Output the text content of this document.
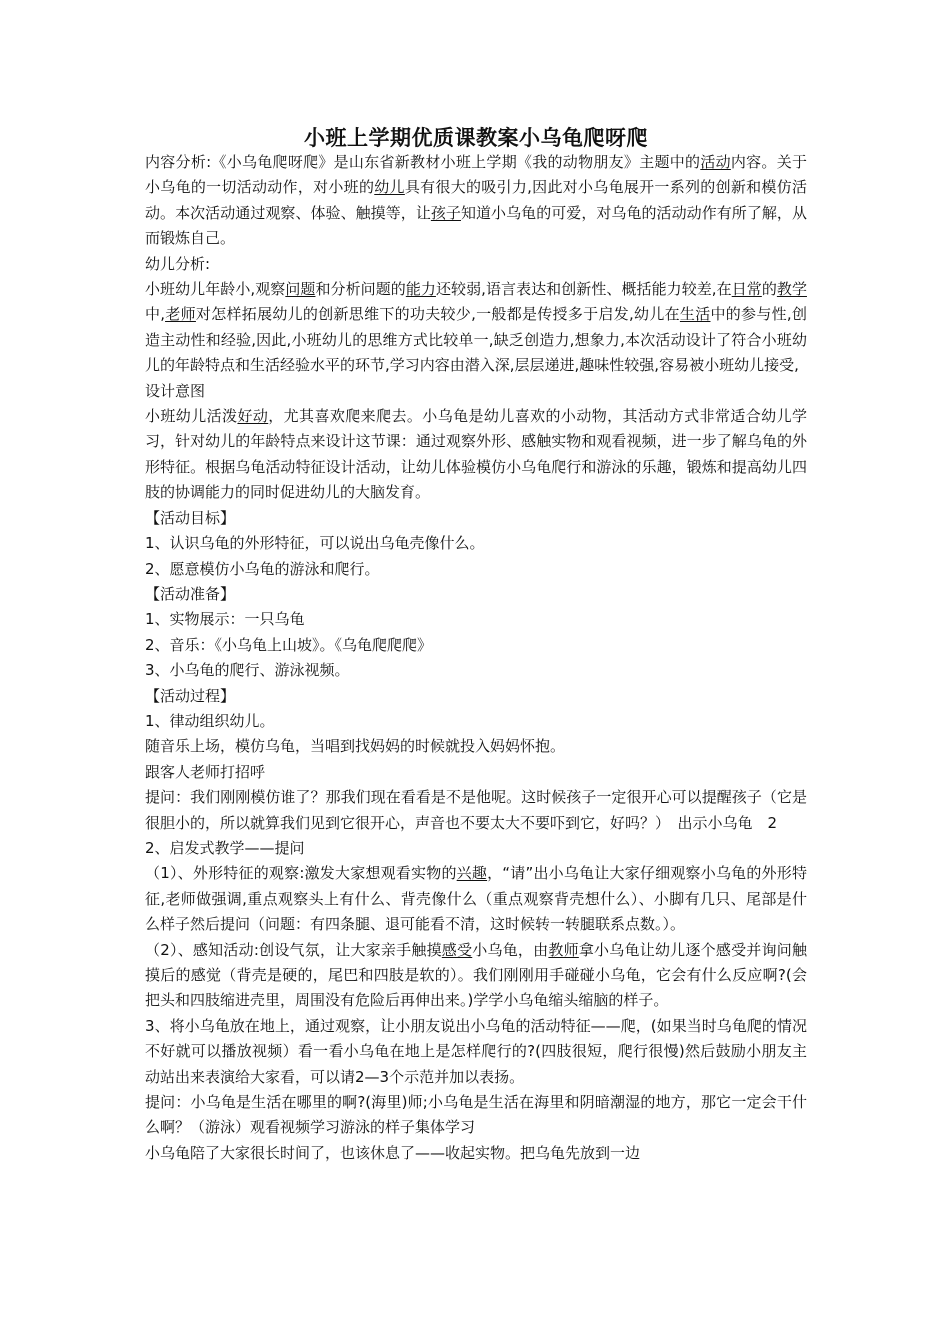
小班上学期优质课教案小乌龟爬呀爬

内容分析:《小乌龟爬呀爬》是山东省新教材小班上学期《我的动物朋友》主题中的活动内容。关于小乌龟的一切活动动作，对小班的幼儿具有很大的吸引力,因此对小乌龟展开一系列的创新和模仿活动。本次活动通过观察、体验、触摸等，让孩子知道小乌龟的可爱，对乌龟的活动动作有所了解，从而锻炼自己。

幼儿分析:

小班幼儿年龄小,观察问题和分析问题的能力还较弱,语言表达和创新性、概括能力较差,在日常的教学中,老师对怎样拓展幼儿的创新思维下的功夫较少,一般都是传授多于启发,幼儿在生活中的参与性,创造主动性和经验,因此,小班幼儿的思维方式比较单一,缺乏创造力,想象力,本次活动设计了符合小班幼儿的年龄特点和生活经验水平的环节,学习内容由潜入深,层层递进,趣味性较强,容易被小班幼儿接受,

设计意图

小班幼儿活泼好动，尤其喜欢爬来爬去。小乌龟是幼儿喜欢的小动物，其活动方式非常适合幼儿学习，针对幼儿的年龄特点来设计这节课：通过观察外形、感触实物和观看视频，进一步了解乌龟的外形特征。根据乌龟活动特征设计活动，让幼儿体验模仿小乌龟爬行和游泳的乐趣，锻炼和提高幼儿四肢的协调能力的同时促进幼儿的大脑发育。

【活动目标】

1、认识乌龟的外形特征，可以说出乌龟壳像什么。

2、愿意模仿小乌龟的游泳和爬行。

【活动准备】

1、实物展示：一只乌龟

2、音乐：《小乌龟上山坡》。《乌龟爬爬爬》

3、小乌龟的爬行、游泳视频。

【活动过程】

1、律动组织幼儿。

随音乐上场，模仿乌龟，当唱到找妈妈的时候就投入妈妈怀抱。

跟客人老师打招呼

提问：我们刚刚模仿谁了？那我们现在看看是不是他呢。这时候孩子一定很开心可以提醒孩子（它是很胆小的，所以就算我们见到它很开心，声音也不要太大不要吓到它，好吗？）　出示小乌龟　2

2、启发式教学——提问

（1）、外形特征的观察:激发大家想观看实物的兴趣，“请”出小乌龟让大家仔细观察小乌龟的外形特征,老师做强调,重点观察头上有什么、背壳像什么（重点观察背壳想什么）、小脚有几只、尾部是什么样子然后提问（问题：有四条腿、退可能看不清，这时候转一转腿联系点数。）。

（2）、感知活动:创设气氛，让大家亲手触摸感受小乌龟，由教师拿小乌龟让幼儿逐个感受并询问触摸后的感觉（背壳是硬的，尾巴和四肢是软的）。我们刚刚用手碰碰小乌龟，它会有什么反应啊?(会把头和四肢缩进壳里，周围没有危险后再伸出来。)学学小乌龟缩头缩脑的样子。

3、将小乌龟放在地上，通过观察，让小朋友说出小乌龟的活动特征——爬，(如果当时乌龟爬的情况不好就可以播放视频）看一看小乌龟在地上是怎样爬行的?(四肢很短，爬行很慢)然后鼓励小朋友主动站出来表演给大家看，可以请2—3个示范并加以表扬。

提问：小乌龟是生活在哪里的啊?(海里)师;小乌龟是生活在海里和阴暗潮湿的地方，那它一定会干什么啊？（游泳）观看视频学习游泳的样子集体学习

小乌龟陪了大家很长时间了，也该休息了——收起实物。把乌龟先放到一边
